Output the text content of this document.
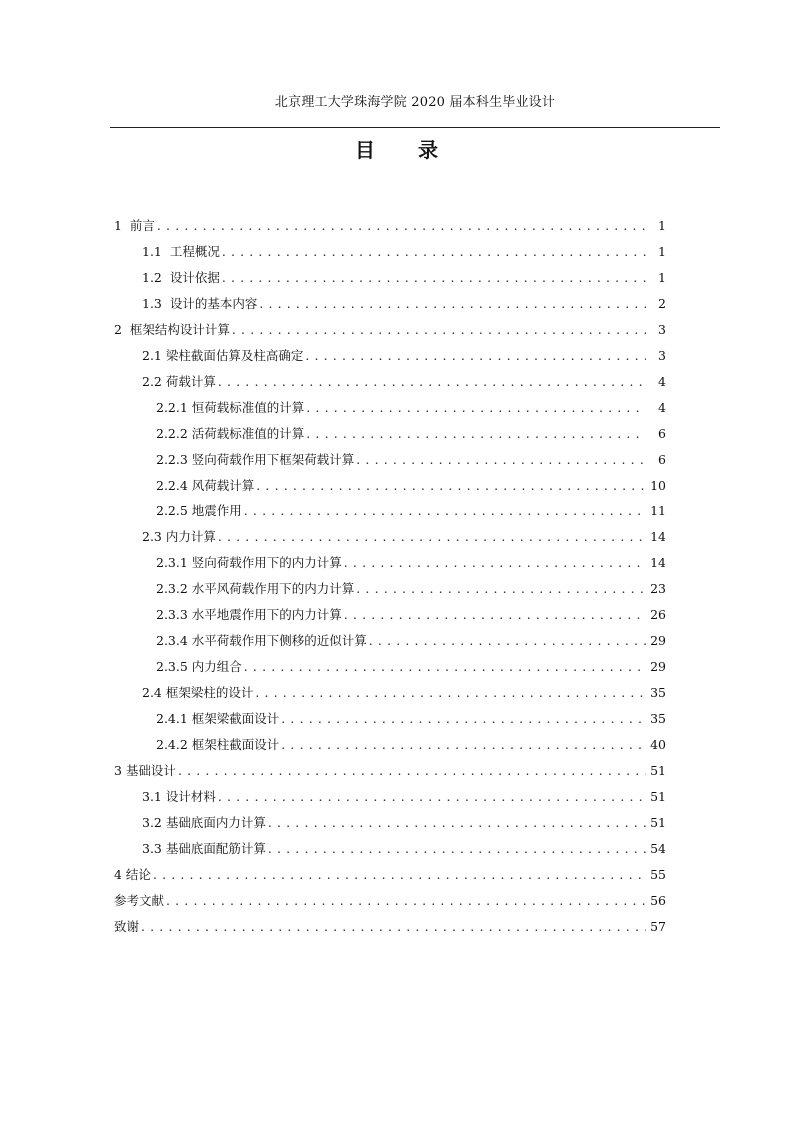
北京理工大学珠海学院 2020 届本科生毕业设计
目 录
1  前言 . . .	1
1.1  工程概况 . . .	1
1.2  设计依据 . . .	1
1.3  设计的基本内容 . . .	2
2  框架结构设计计算 . . .	3
2.1 梁柱截面估算及柱高确定 . . .	3
2.2 荷载计算 . . .	4
2.2.1 恒荷载标准值的计算 . . .	4
2.2.2 活荷载标准值的计算 . . .	6
2.2.3 竖向荷载作用下框架荷载计算 . . .	6
2.2.4 风荷载计算 . . .	10
2.2.5 地震作用 . . .	11
2.3 内力计算 . . .	14
2.3.1 竖向荷载作用下的内力计算 . . .	14
2.3.2 水平风荷载作用下的内力计算 . . .	23
2.3.3 水平地震作用下的内力计算 . . .	26
2.3.4 水平荷载作用下侧移的近似计算 . . .	29
2.3.5 内力组合 . . .	29
2.4 框架梁柱的设计 . . .	35
2.4.1 框架梁截面设计 . . .	35
2.4.2 框架柱截面设计 . . .	40
3 基础设计 . . .	51
3.1 设计材料 . . .	51
3.2 基础底面内力计算 . . .	51
3.3 基础底面配筋计算 . . .	54
4 结论 . . .	55
参考文献 . . .	56
致谢 . . .	57
